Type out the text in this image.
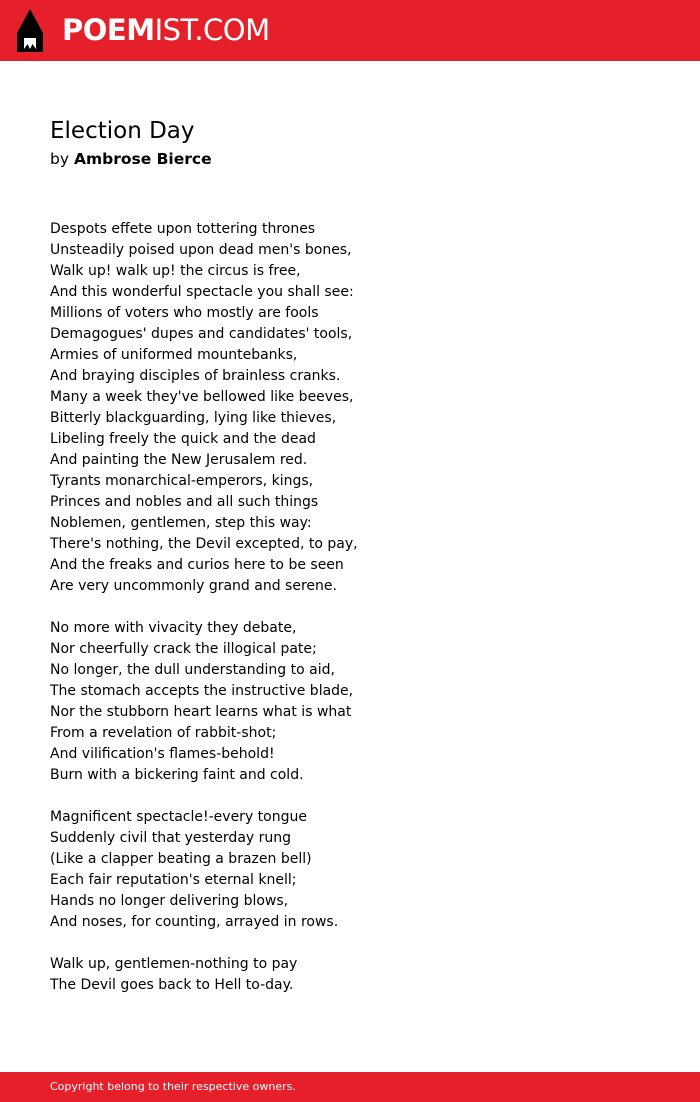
POEMIST.COM
Election Day
by Ambrose Bierce
Despots effete upon tottering thrones
Unsteadily poised upon dead men's bones,
Walk up! walk up! the circus is free,
And this wonderful spectacle you shall see:
Millions of voters who mostly are fools
Demagogues' dupes and candidates' tools,
Armies of uniformed mountebanks,
And braying disciples of brainless cranks.
Many a week they've bellowed like beeves,
Bitterly blackguarding, lying like thieves,
Libeling freely the quick and the dead
And painting the New Jerusalem red.
Tyrants monarchical-emperors, kings,
Princes and nobles and all such things
Noblemen, gentlemen, step this way:
There's nothing, the Devil excepted, to pay,
And the freaks and curios here to be seen
Are very uncommonly grand and serene.
No more with vivacity they debate,
Nor cheerfully crack the illogical pate;
No longer, the dull understanding to aid,
The stomach accepts the instructive blade,
Nor the stubborn heart learns what is what
From a revelation of rabbit-shot;
And vilification's flames-behold!
Burn with a bickering faint and cold.
Magnificent spectacle!-every tongue
Suddenly civil that yesterday rung
(Like a clapper beating a brazen bell)
Each fair reputation's eternal knell;
Hands no longer delivering blows,
And noses, for counting, arrayed in rows.
Walk up, gentlemen-nothing to pay
The Devil goes back to Hell to-day.
Copyright belong to their respective owners.
